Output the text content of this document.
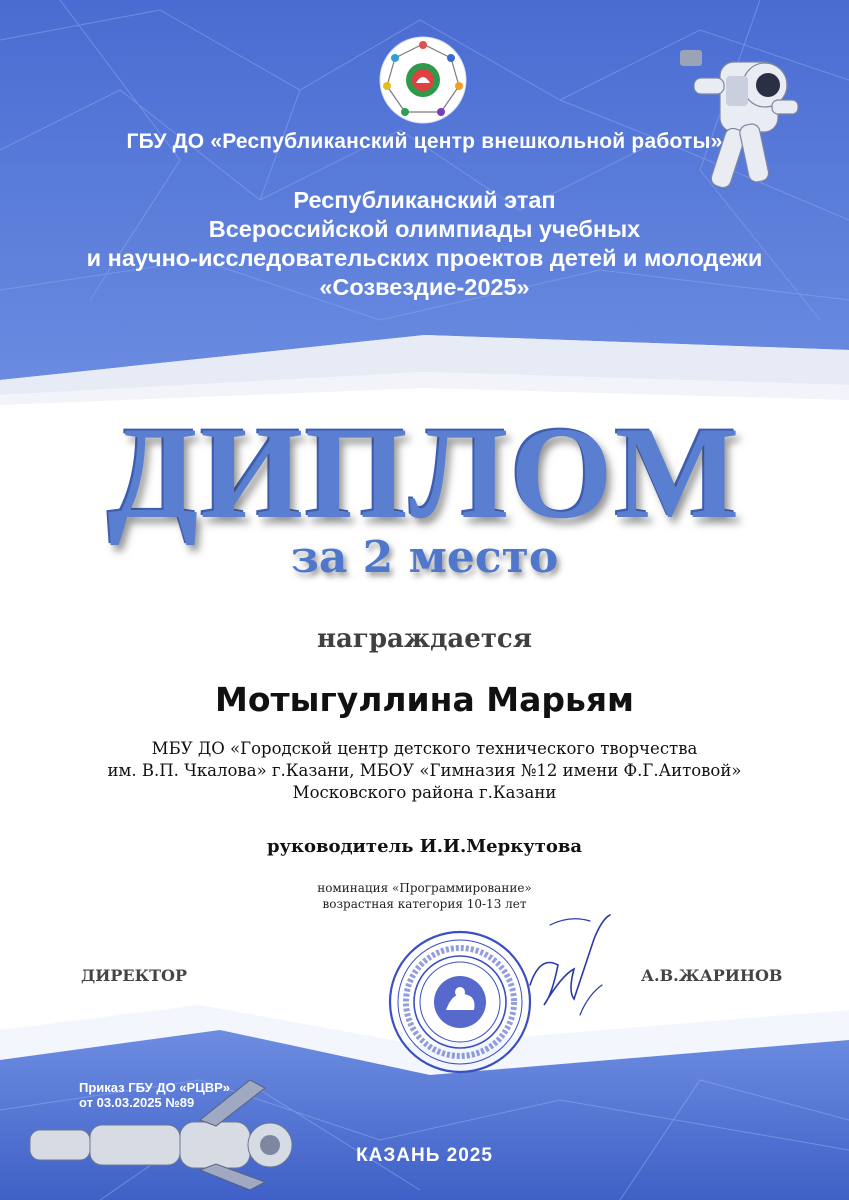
ГБУ ДО «Республиканский центр внешкольной работы»
Республиканский этап
Всероссийской олимпиады учебных
и научно-исследовательских проектов детей и молодежи
«Созвездие-2025»
ДИПЛОМ
за 2 место
награждается
Мотыгуллина Марьям
МБУ ДО «Городской центр детского технического творчества
им. В.П. Чкалова» г.Казани, МБОУ «Гимназия №12 имени Ф.Г.Аитовой»
Московского района г.Казани
руководитель И.И.Меркутова
номинация «Программирование»
возрастная категория 10-13 лет
ДИРЕКТОР	А.В.ЖАРИНОВ
Приказ ГБУ ДО «РЦВР»
от 03.03.2025 №89
КАЗАНЬ 2025
